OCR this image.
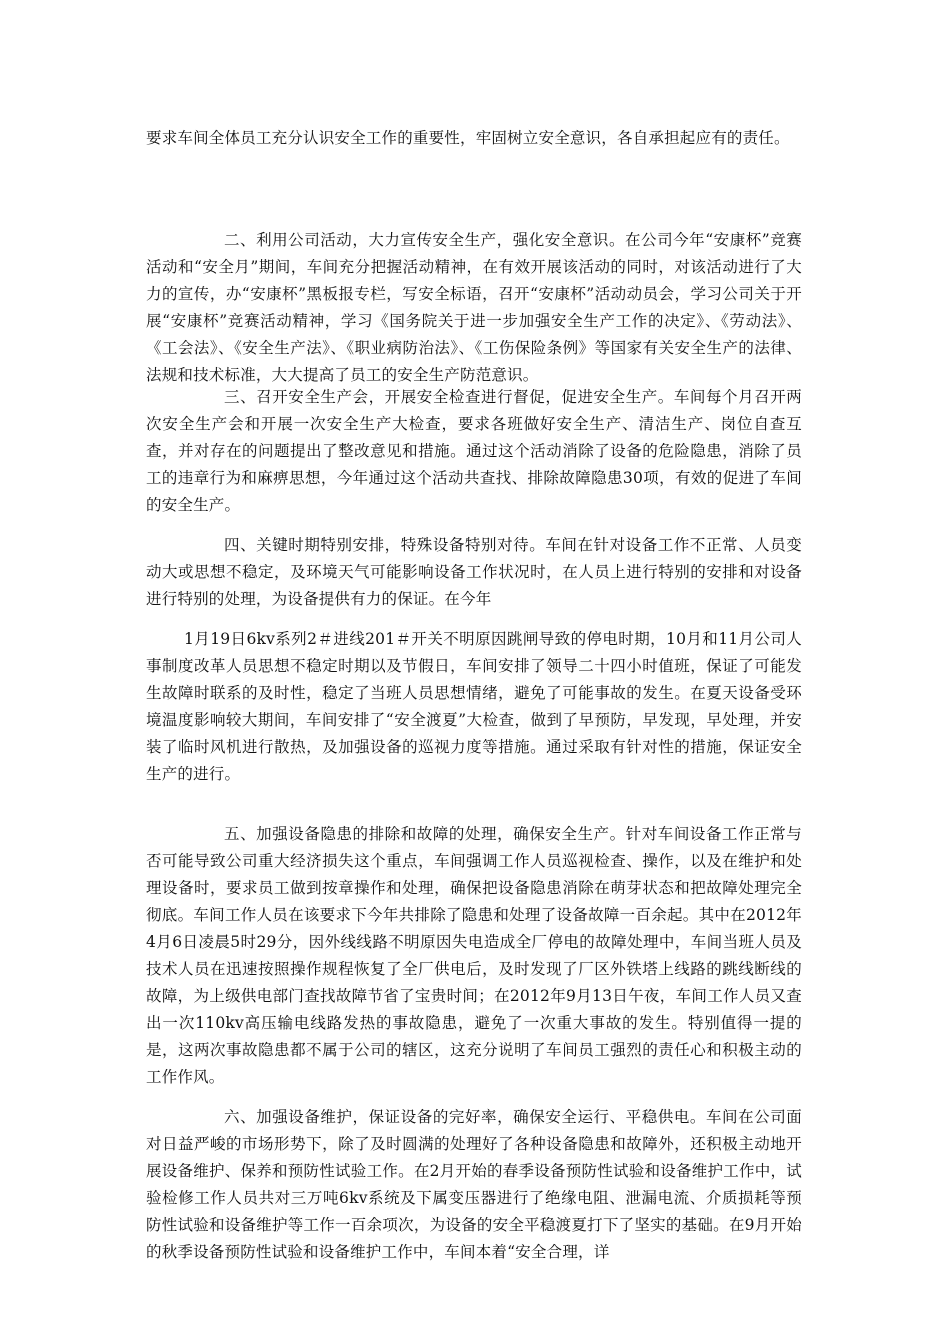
要求车间全体员工充分认识安全工作的重要性，牢固树立安全意识，各自承担起应有的责任。

二、利用公司活动，大力宣传安全生产，强化安全意识。在公司今年“安康杯”竞赛活动和“安全月”期间，车间充分把握活动精神，在有效开展该活动的同时，对该活动进行了大力的宣传，办“安康杯”黑板报专栏，写安全标语，召开“安康杯”活动动员会，学习公司关于开展“安康杯”竞赛活动精神，学习《国务院关于进一步加强安全生产工作的决定》、《劳动法》、《工会法》、《安全生产法》、《职业病防治法》、《工伤保险条例》等国家有关安全生产的法律、法规和技术标准，大大提高了员工的安全生产防范意识。

三、召开安全生产会，开展安全检查进行督促，促进安全生产。车间每个月召开两次安全生产会和开展一次安全生产大检查，要求各班做好安全生产、清洁生产、岗位自查互查，并对存在的问题提出了整改意见和措施。通过这个活动消除了设备的危险隐患，消除了员工的违章行为和麻痹思想，今年通过这个活动共查找、排除故障隐患30项，有效的促进了车间的安全生产。

四、关键时期特别安排，特殊设备特别对待。车间在针对设备工作不正常、人员变动大或思想不稳定，及环境天气可能影响设备工作状况时，在人员上进行特别的安排和对设备进行特别的处理，为设备提供有力的保证。在今年

1月19日6kv系列2＃进线201＃开关不明原因跳闸导致的停电时期，10月和11月公司人事制度改革人员思想不稳定时期以及节假日，车间安排了领导二十四小时值班，保证了可能发生故障时联系的及时性，稳定了当班人员思想情绪，避免了可能事故的发生。在夏天设备受环境温度影响较大期间，车间安排了“安全渡夏”大检查，做到了早预防，早发现，早处理，并安装了临时风机进行散热，及加强设备的巡视力度等措施。通过采取有针对性的措施，保证安全生产的进行。

五、加强设备隐患的排除和故障的处理，确保安全生产。针对车间设备工作正常与否可能导致公司重大经济损失这个重点，车间强调工作人员巡视检查、操作，以及在维护和处理设备时，要求员工做到按章操作和处理，确保把设备隐患消除在萌芽状态和把故障处理完全彻底。车间工作人员在该要求下今年共排除了隐患和处理了设备故障一百余起。其中在2012年4月6日凌晨5时29分，因外线线路不明原因失电造成全厂停电的故障处理中，车间当班人员及技术人员在迅速按照操作规程恢复了全厂供电后，及时发现了厂区外铁塔上线路的跳线断线的故障，为上级供电部门查找故障节省了宝贵时间；在2012年9月13日午夜，车间工作人员又查出一次110kv高压输电线路发热的事故隐患，避免了一次重大事故的发生。特别值得一提的是，这两次事故隐患都不属于公司的辖区，这充分说明了车间员工强烈的责任心和积极主动的工作作风。

六、加强设备维护，保证设备的完好率，确保安全运行、平稳供电。车间在公司面对日益严峻的市场形势下，除了及时圆满的处理好了各种设备隐患和故障外，还积极主动地开展设备维护、保养和预防性试验工作。在2月开始的春季设备预防性试验和设备维护工作中，试验检修工作人员共对三万吨6kv系统及下属变压器进行了绝缘电阻、泄漏电流、介质损耗等预防性试验和设备维护等工作一百余项次，为设备的安全平稳渡夏打下了坚实的基础。在9月开始的秋季设备预防性试验和设备维护工作中，车间本着“安全合理，详
